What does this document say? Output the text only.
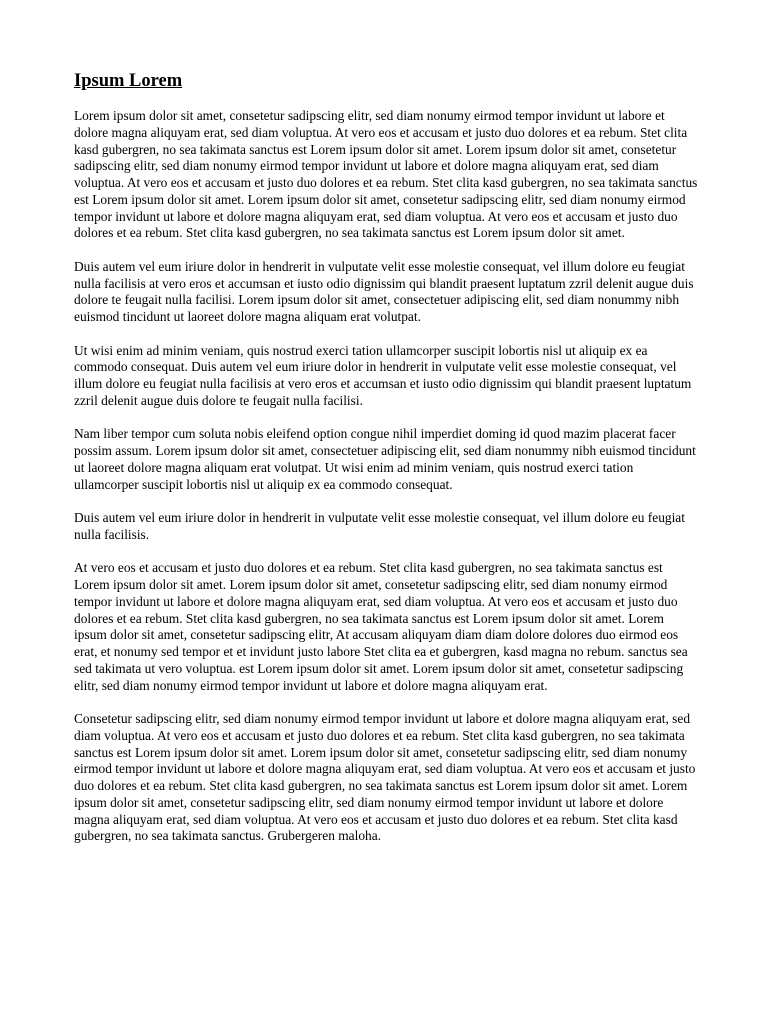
Ipsum Lorem

Lorem ipsum dolor sit amet, consetetur sadipscing elitr, sed diam nonumy eirmod tempor invidunt ut labore et dolore magna aliquyam erat, sed diam voluptua. At vero eos et accusam et justo duo dolores et ea rebum. Stet clita kasd gubergren, no sea takimata sanctus est Lorem ipsum dolor sit amet. Lorem ipsum dolor sit amet, consetetur sadipscing elitr, sed diam nonumy eirmod tempor invidunt ut labore et dolore magna aliquyam erat, sed diam voluptua. At vero eos et accusam et justo duo dolores et ea rebum. Stet clita kasd gubergren, no sea takimata sanctus est Lorem ipsum dolor sit amet. Lorem ipsum dolor sit amet, consetetur sadipscing elitr, sed diam nonumy eirmod tempor invidunt ut labore et dolore magna aliquyam erat, sed diam voluptua. At vero eos et accusam et justo duo dolores et ea rebum. Stet clita kasd gubergren, no sea takimata sanctus est Lorem ipsum dolor sit amet.

Duis autem vel eum iriure dolor in hendrerit in vulputate velit esse molestie consequat, vel illum dolore eu feugiat nulla facilisis at vero eros et accumsan et iusto odio dignissim qui blandit praesent luptatum zzril delenit augue duis dolore te feugait nulla facilisi. Lorem ipsum dolor sit amet, consectetuer adipiscing elit, sed diam nonummy nibh euismod tincidunt ut laoreet dolore magna aliquam erat volutpat.

Ut wisi enim ad minim veniam, quis nostrud exerci tation ullamcorper suscipit lobortis nisl ut aliquip ex ea commodo consequat. Duis autem vel eum iriure dolor in hendrerit in vulputate velit esse molestie consequat, vel illum dolore eu feugiat nulla facilisis at vero eros et accumsan et iusto odio dignissim qui blandit praesent luptatum zzril delenit augue duis dolore te feugait nulla facilisi.

Nam liber tempor cum soluta nobis eleifend option congue nihil imperdiet doming id quod mazim placerat facer possim assum. Lorem ipsum dolor sit amet, consectetuer adipiscing elit, sed diam nonummy nibh euismod tincidunt ut laoreet dolore magna aliquam erat volutpat. Ut wisi enim ad minim veniam, quis nostrud exerci tation ullamcorper suscipit lobortis nisl ut aliquip ex ea commodo consequat.

Duis autem vel eum iriure dolor in hendrerit in vulputate velit esse molestie consequat, vel illum dolore eu feugiat nulla facilisis.

At vero eos et accusam et justo duo dolores et ea rebum. Stet clita kasd gubergren, no sea takimata sanctus est Lorem ipsum dolor sit amet. Lorem ipsum dolor sit amet, consetetur sadipscing elitr, sed diam nonumy eirmod tempor invidunt ut labore et dolore magna aliquyam erat, sed diam voluptua. At vero eos et accusam et justo duo dolores et ea rebum. Stet clita kasd gubergren, no sea takimata sanctus est Lorem ipsum dolor sit amet. Lorem ipsum dolor sit amet, consetetur sadipscing elitr, At accusam aliquyam diam diam dolore dolores duo eirmod eos erat, et nonumy sed tempor et et invidunt justo labore Stet clita ea et gubergren, kasd magna no rebum. sanctus sea sed takimata ut vero voluptua. est Lorem ipsum dolor sit amet. Lorem ipsum dolor sit amet, consetetur sadipscing elitr, sed diam nonumy eirmod tempor invidunt ut labore et dolore magna aliquyam erat.

Consetetur sadipscing elitr, sed diam nonumy eirmod tempor invidunt ut labore et dolore magna aliquyam erat, sed diam voluptua. At vero eos et accusam et justo duo dolores et ea rebum. Stet clita kasd gubergren, no sea takimata sanctus est Lorem ipsum dolor sit amet. Lorem ipsum dolor sit amet, consetetur sadipscing elitr, sed diam nonumy eirmod tempor invidunt ut labore et dolore magna aliquyam erat, sed diam voluptua. At vero eos et accusam et justo duo dolores et ea rebum. Stet clita kasd gubergren, no sea takimata sanctus est Lorem ipsum dolor sit amet. Lorem ipsum dolor sit amet, consetetur sadipscing elitr, sed diam nonumy eirmod tempor invidunt ut labore et dolore magna aliquyam erat, sed diam voluptua. At vero eos et accusam et justo duo dolores et ea rebum. Stet clita kasd gubergren, no sea takimata sanctus. Grubergeren maloha.
